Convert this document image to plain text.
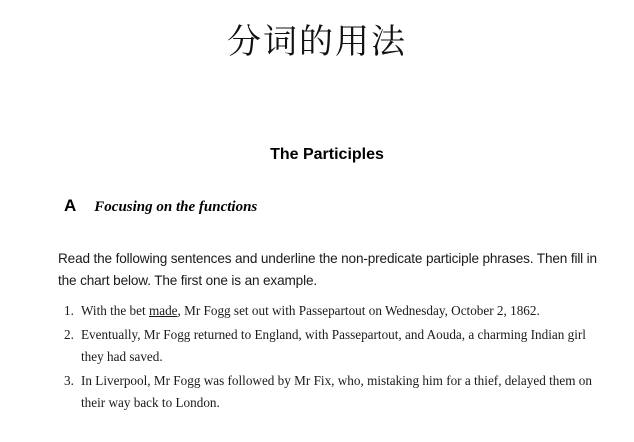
分词的用法
The Participles
A Focusing on the functions
Read the following sentences and underline the non-predicate participle phrases. Then fill in the chart below. The first one is an example.
1. With the bet made, Mr Fogg set out with Passepartout on Wednesday, October 2, 1862.
2. Eventually, Mr Fogg returned to England, with Passepartout, and Aouda, a charming Indian girl they had saved.
3. In Liverpool, Mr Fogg was followed by Mr Fix, who, mistaking him for a thief, delayed them on their way back to London.
